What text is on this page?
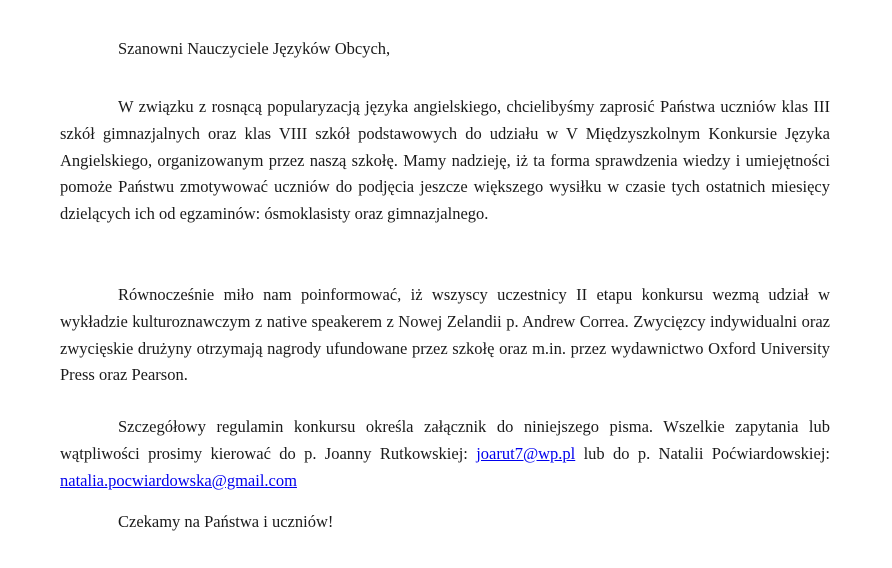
Szanowni Nauczyciele Języków Obcych,

W związku z rosnącą popularyzacją języka angielskiego, chcielibyśmy zaprosić Państwa uczniów klas III szkół gimnazjalnych oraz klas VIII szkół podstawowych do udziału w V Międzyszkolnym Konkursie Języka Angielskiego, organizowanym przez naszą szkołę. Mamy nadzieję, iż ta forma sprawdzenia wiedzy i umiejętności pomoże Państwu zmotywować uczniów do podjęcia jeszcze większego wysiłku w czasie tych ostatnich miesięcy dzielących ich od egzaminów: ósmoklasisty oraz gimnazjalnego.

Równocześnie miło nam poinformować, iż wszyscy uczestnicy II etapu konkursu wezmą udział w wykładzie kulturoznawczym z native speakerem z Nowej Zelandii p. Andrew Correa. Zwycięzcy indywidualni oraz zwycięskie drużyny otrzymają nagrody ufundowane przez szkołę oraz m.in. przez wydawnictwo Oxford University Press oraz Pearson.

Szczegółowy regulamin konkursu określa załącznik do niniejszego pisma. Wszelkie zapytania lub wątpliwości prosimy kierować do p. Joanny Rutkowskiej: joarut7@wp.pl lub do p. Natalii Poćwiardowskiej: natalia.pocwiardowska@gmail.com

Czekamy na Państwa i uczniów!
